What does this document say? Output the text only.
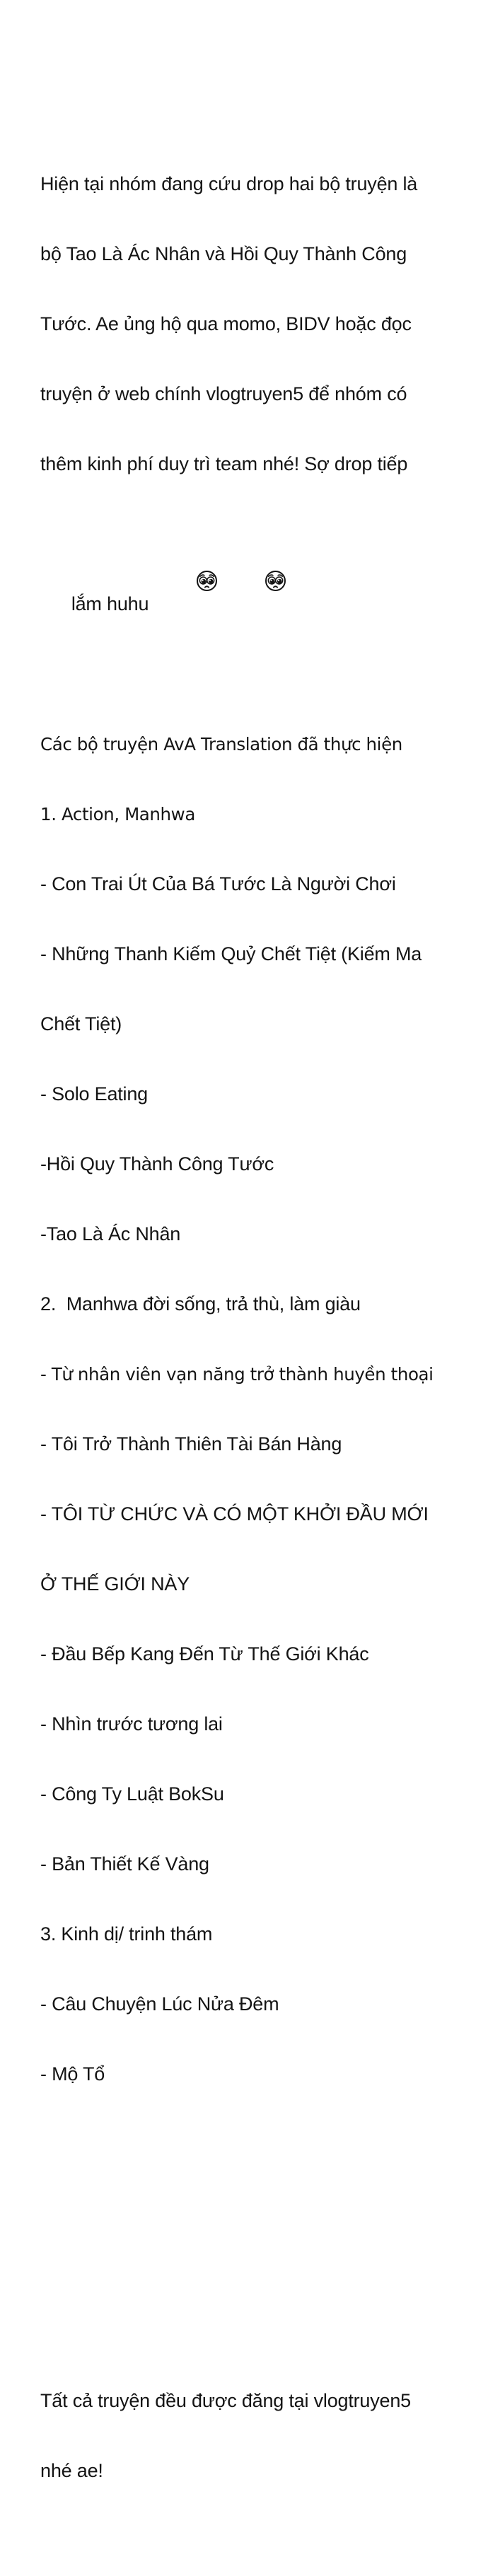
Hiện tại nhóm đang cứu drop hai bộ truyện là

bộ Tao Là Ác Nhân và Hồi Quy Thành Công

Tước. Ae ủng hộ qua momo, BIDV hoặc đọc

truyện ở web chính vlogtruyen5 để nhóm có

thêm kinh phí duy trì team nhé! Sợ drop tiếp

lắm huhu

Các bộ truyện AvA Translation đã thực hiện

1. Action, Manhwa

- Con Trai Út Của Bá Tước Là Người Chơi

- Những Thanh Kiếm Quỷ Chết Tiệt (Kiếm Ma

Chết Tiệt)

- Solo Eating

-Hồi Quy Thành Công Tước

-Tao Là Ác Nhân

2.  Manhwa đời sống, trả thù, làm giàu

- Từ nhân viên vạn năng trở thành huyền thoại

- Tôi Trở Thành Thiên Tài Bán Hàng

- TÔI TỪ CHỨC VÀ CÓ MỘT KHỞI ĐẦU MỚI

Ở THẾ GIỚI NÀY

- Đầu Bếp Kang Đến Từ Thế Giới Khác

- Nhìn trước tương lai

- Công Ty Luật BokSu

- Bản Thiết Kế Vàng

3. Kinh dị/ trinh thám

- Câu Chuyện Lúc Nửa Đêm

- Mộ Tổ

Tất cả truyện đều được đăng tại vlogtruyen5

nhé ae!
